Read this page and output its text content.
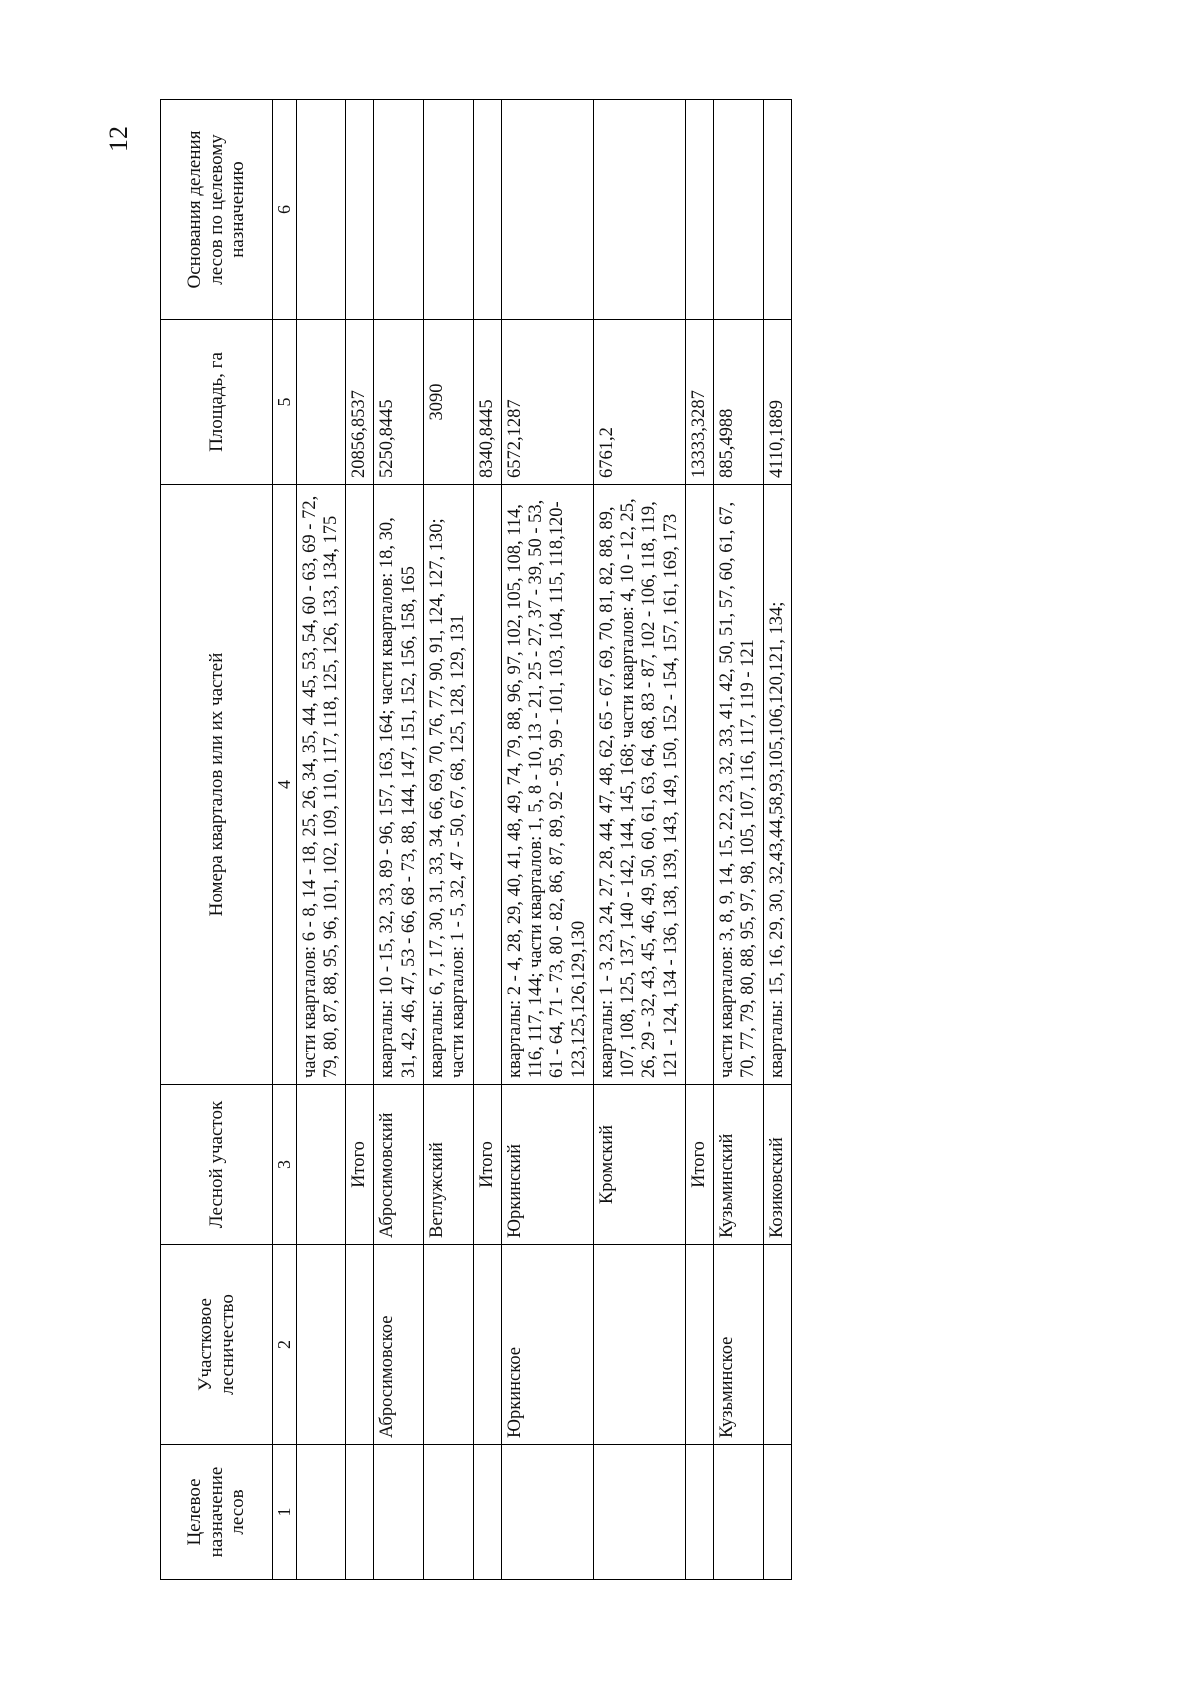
12
Целевое назначение лесов	Участковое лесничество	Лесной участок	Номера кварталов или их частей	Площадь, га	Основания деления лесов по целевому назначению
1	2	3	4	5	6
			части кварталов: 6 - 8, 14 - 18, 25, 26, 34, 35, 44, 45, 53, 54, 60 - 63, 69 - 72, 79, 80, 87, 88, 95, 96, 101, 102, 109, 110, 117, 118, 125, 126, 133, 134, 175		
		Итого		20856,8537	
	Абросимовское	Абросимовский	кварталы: 10 - 15, 32, 33, 89 - 96, 157, 163, 164; части кварталов: 18, 30, 31, 42, 46, 47, 53 - 66, 68 - 73, 88, 144, 147, 151, 152, 156, 158, 165	5250,8445	
		Ветлужский	кварталы: 6, 7, 17, 30, 31, 33, 34, 66, 69, 70, 76, 77, 90, 91, 124, 127, 130; части кварталов: 1 - 5, 32, 47 - 50, 67, 68, 125, 128, 129, 131	3090	
		Итого		8340,8445	
	Юркинское	Юркинский	кварталы: 2 - 4, 28, 29, 40, 41, 48, 49, 74, 79, 88, 96, 97, 102, 105, 108, 114, 116, 117, 144; части кварталов: 1, 5, 8 - 10, 13 - 21, 25 - 27, 37 - 39, 50 - 53, 61 - 64, 71 - 73, 80 - 82, 86, 87, 89, 92 - 95, 99 - 101, 103, 104, 115, 118,120-123,125,126,129,130	6572,1287	
		Кромский	кварталы: 1 - 3, 23, 24, 27, 28, 44, 47, 48, 62, 65 - 67, 69, 70, 81, 82, 88, 89, 107, 108, 125, 137, 140 - 142, 144, 145, 168; части кварталов: 4, 10 - 12, 25, 26, 29 - 32, 43, 45, 46, 49, 50, 60, 61, 63, 64, 68, 83 - 87, 102 - 106, 118, 119, 121 - 124, 134 - 136, 138, 139, 143, 149, 150, 152 - 154, 157, 161, 169, 173	6761,2	
		Итого		13333,3287	
	Кузьминское	Кузьминский	части кварталов: 3, 8, 9, 14, 15, 22, 23, 32, 33, 41, 42, 50, 51, 57, 60, 61, 67, 70, 77, 79, 80, 88, 95, 97, 98, 105, 107, 116, 117, 119 - 121	885,4988	
		Козиковский	кварталы: 15, 16, 29, 30, 32,43,44,58,93,105,106,120,121, 134;	4110,1889	
